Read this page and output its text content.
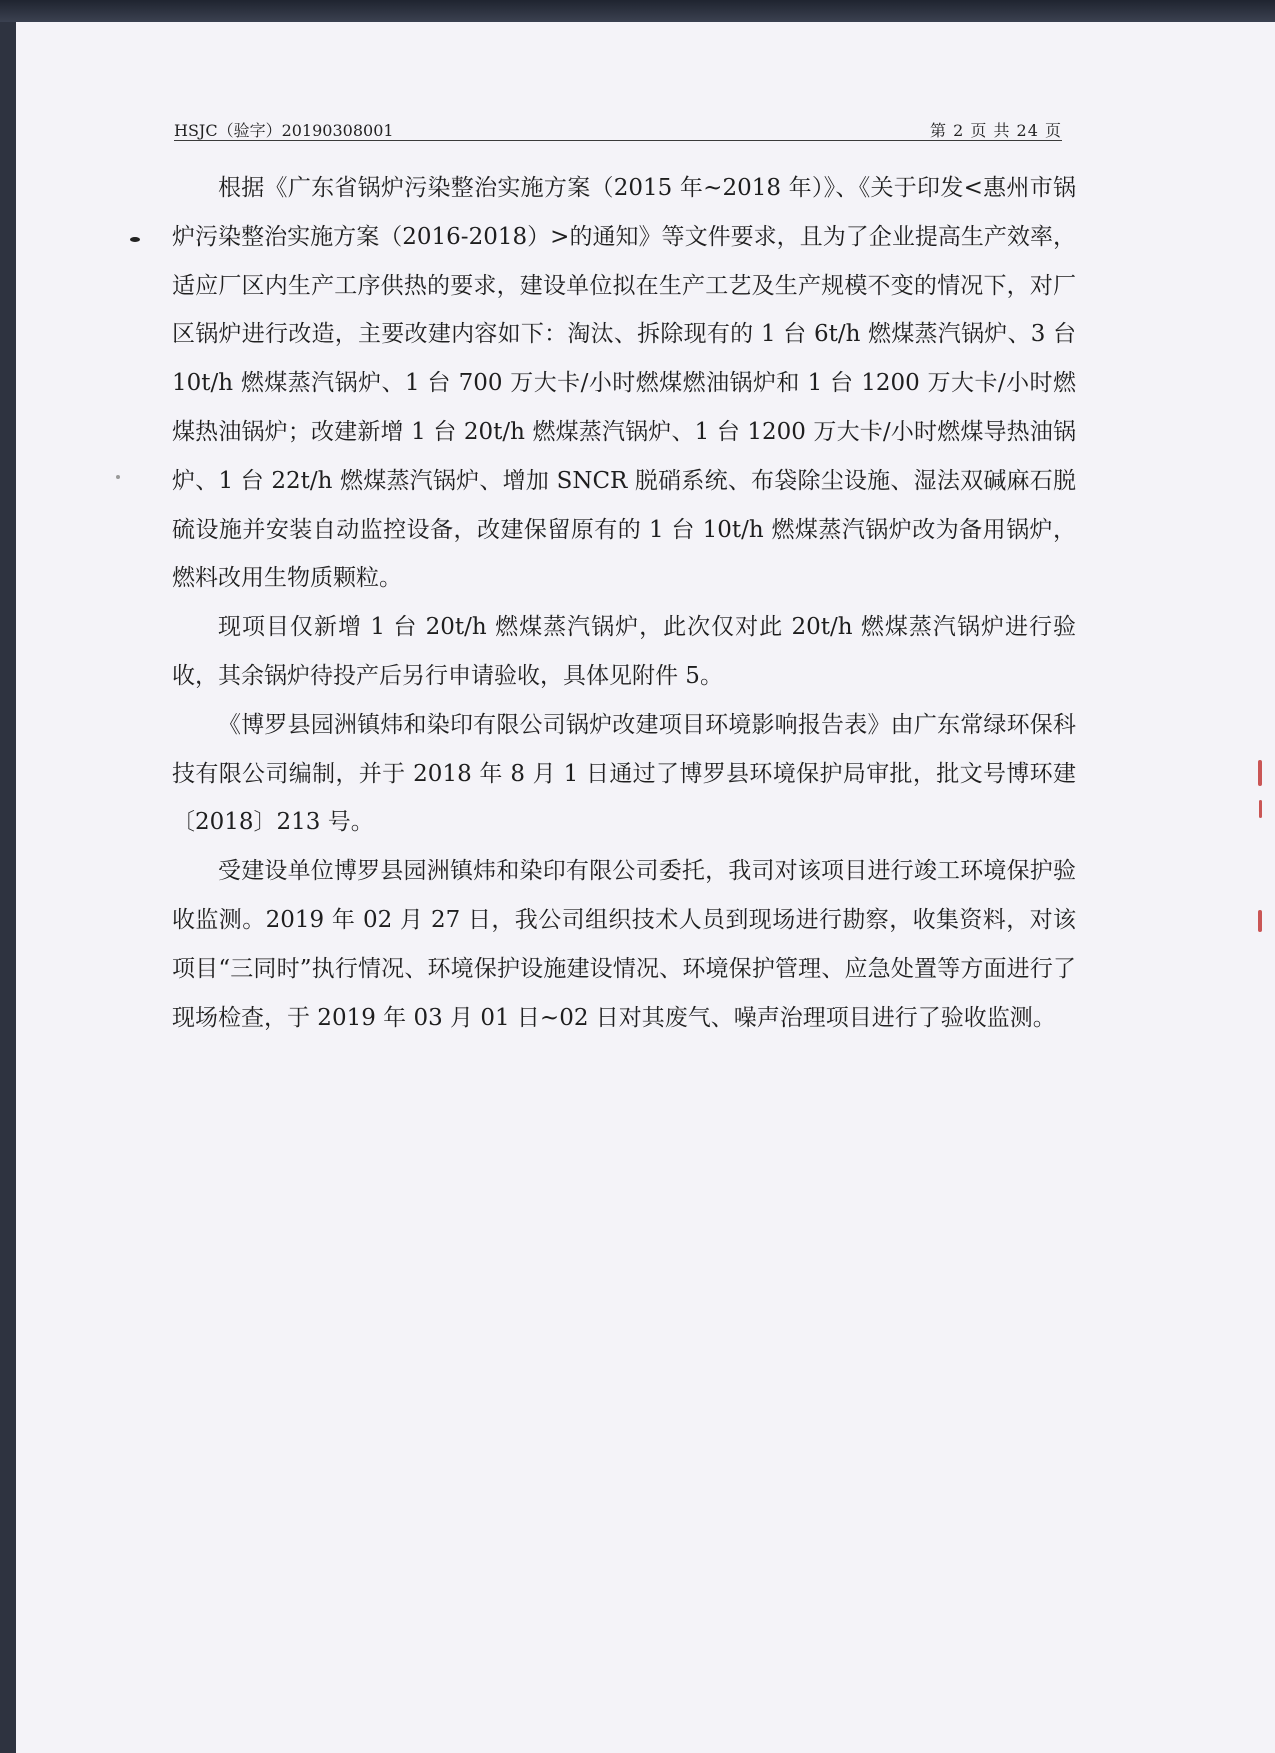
HSJC（验字）20190308001	第 2 页 共 24 页

根据《广东省锅炉污染整治实施方案（2015 年~2018 年）》、《关于印发<惠州市锅炉污染整治实施方案（2016-2018）>的通知》等文件要求，且为了企业提高生产效率，适应厂区内生产工序供热的要求，建设单位拟在生产工艺及生产规模不变的情况下，对厂区锅炉进行改造，主要改建内容如下：淘汰、拆除现有的 1 台 6t/h 燃煤蒸汽锅炉、3 台 10t/h 燃煤蒸汽锅炉、1 台 700 万大卡/小时燃煤燃油锅炉和 1 台 1200 万大卡/小时燃煤热油锅炉；改建新增 1 台 20t/h 燃煤蒸汽锅炉、1 台 1200 万大卡/小时燃煤导热油锅炉、1 台 22t/h 燃煤蒸汽锅炉、增加 SNCR 脱硝系统、布袋除尘设施、湿法双碱麻石脱硫设施并安装自动监控设备，改建保留原有的 1 台 10t/h 燃煤蒸汽锅炉改为备用锅炉，燃料改用生物质颗粒。

现项目仅新增 1 台 20t/h 燃煤蒸汽锅炉，此次仅对此 20t/h 燃煤蒸汽锅炉进行验收，其余锅炉待投产后另行申请验收，具体见附件 5。

《博罗县园洲镇炜和染印有限公司锅炉改建项目环境影响报告表》由广东常绿环保科技有限公司编制，并于 2018 年 8 月 1 日通过了博罗县环境保护局审批，批文号博环建〔2018〕213 号。

受建设单位博罗县园洲镇炜和染印有限公司委托，我司对该项目进行竣工环境保护验收监测。2019 年 02 月 27 日，我公司组织技术人员到现场进行勘察，收集资料，对该项目“三同时”执行情况、环境保护设施建设情况、环境保护管理、应急处置等方面进行了现场检查，于 2019 年 03 月 01 日~02 日对其废气、噪声治理项目进行了验收监测。
